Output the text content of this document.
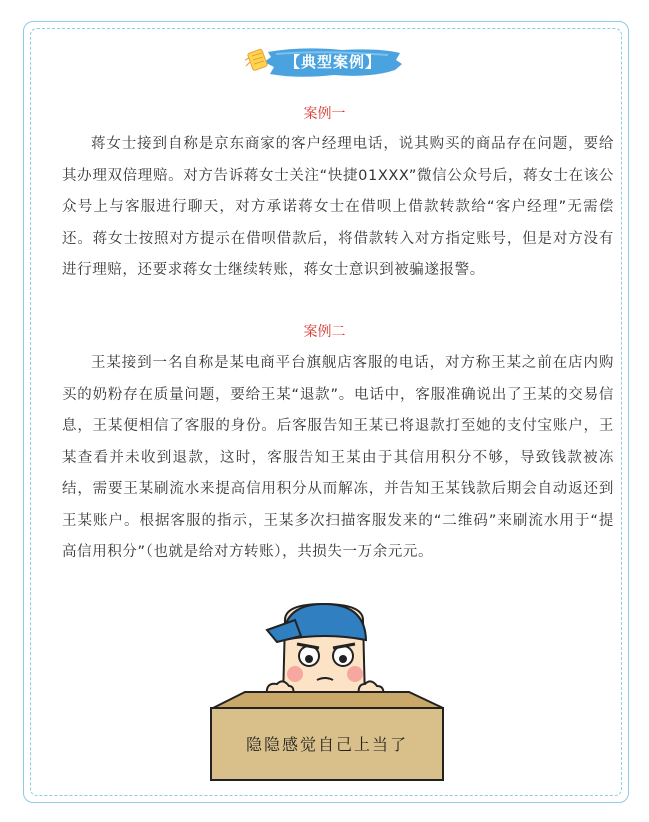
【典型案例】
案例一

蒋女士接到自称是京东商家的客户经理电话，说其购买的商品存在问题，要给其办理双倍理赔。对方告诉蒋女士关注“快捷01XXX”微信公众号后，蒋女士在该公众号上与客服进行聊天，对方承诺蒋女士在借呗上借款转款给“客户经理”无需偿还。蒋女士按照对方提示在借呗借款后，将借款转入对方指定账号，但是对方没有进行理赔，还要求蒋女士继续转账，蒋女士意识到被骗遂报警。

案例二

王某接到一名自称是某电商平台旗舰店客服的电话，对方称王某之前在店内购买的奶粉存在质量问题，要给王某“退款”。电话中，客服准确说出了王某的交易信息，王某便相信了客服的身份。后客服告知王某已将退款打至她的支付宝账户，王某查看并未收到退款，这时，客服告知王某由于其信用积分不够，导致钱款被冻结，需要王某刷流水来提高信用积分从而解冻，并告知王某钱款后期会自动返还到王某账户。根据客服的指示，王某多次扫描客服发来的“二维码”来刷流水用于“提高信用积分”（也就是给对方转账），共损失一万余元元。

隐隐感觉自己上当了
